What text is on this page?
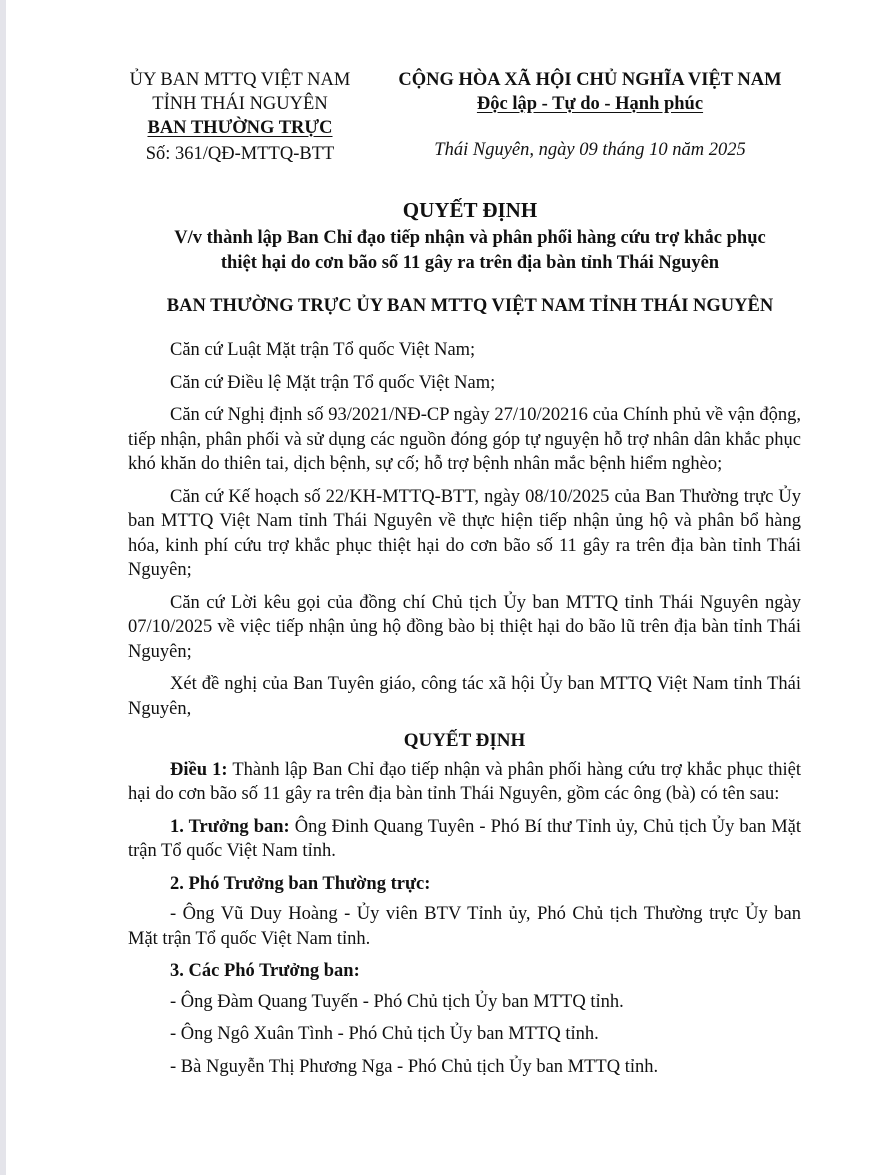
ỦY BAN MTTQ VIỆT NAM
TỈNH THÁI NGUYÊN
BAN THƯỜNG TRỰC
Số: 361/QĐ-MTTQ-BTT
CỘNG HÒA XÃ HỘI CHỦ NGHĨA VIỆT NAM
Độc lập - Tự do - Hạnh phúc
Thái Nguyên, ngày 09 tháng 10 năm 2025
QUYẾT ĐỊNH
V/v thành lập Ban Chỉ đạo tiếp nhận và phân phối hàng cứu trợ khắc phục
thiệt hại do cơn bão số 11 gây ra trên địa bàn tỉnh Thái Nguyên
BAN THƯỜNG TRỰC ỦY BAN MTTQ VIỆT NAM TỈNH THÁI NGUYÊN

Căn cứ Luật Mặt trận Tổ quốc Việt Nam;

Căn cứ Điều lệ Mặt trận Tổ quốc Việt Nam;

Căn cứ Nghị định số 93/2021/NĐ-CP ngày 27/10/20216 của Chính phủ về vận động, tiếp nhận, phân phối và sử dụng các nguồn đóng góp tự nguyện hỗ trợ nhân dân khắc phục khó khăn do thiên tai, dịch bệnh, sự cố; hỗ trợ bệnh nhân mắc bệnh hiểm nghèo;

Căn cứ Kế hoạch số 22/KH-MTTQ-BTT, ngày 08/10/2025 của Ban Thường trực Ủy ban MTTQ Việt Nam tỉnh Thái Nguyên về thực hiện tiếp nhận ủng hộ và phân bổ hàng hóa, kinh phí cứu trợ khắc phục thiệt hại do cơn bão số 11 gây ra trên địa bàn tỉnh Thái Nguyên;

Căn cứ Lời kêu gọi của đồng chí Chủ tịch Ủy ban MTTQ tỉnh Thái Nguyên ngày 07/10/2025 về việc tiếp nhận ủng hộ đồng bào bị thiệt hại do bão lũ trên địa bàn tỉnh Thái Nguyên;

Xét đề nghị của Ban Tuyên giáo, công tác xã hội Ủy ban MTTQ Việt Nam tỉnh Thái Nguyên,

QUYẾT ĐỊNH

Điều 1: Thành lập Ban Chỉ đạo tiếp nhận và phân phối hàng cứu trợ khắc phục thiệt hại do cơn bão số 11 gây ra trên địa bàn tỉnh Thái Nguyên, gồm các ông (bà) có tên sau:

1. Trưởng ban: Ông Đinh Quang Tuyên - Phó Bí thư Tỉnh ủy, Chủ tịch Ủy ban Mặt trận Tổ quốc Việt Nam tỉnh.

2. Phó Trưởng ban Thường trực:

- Ông Vũ Duy Hoàng - Ủy viên BTV Tỉnh ủy, Phó Chủ tịch Thường trực Ủy ban Mặt trận Tổ quốc Việt Nam tỉnh.

3. Các Phó Trưởng ban:

- Ông Đàm Quang Tuyến - Phó Chủ tịch Ủy ban MTTQ tỉnh.

- Ông Ngô Xuân Tình - Phó Chủ tịch Ủy ban MTTQ tỉnh.

- Bà Nguyễn Thị Phương Nga - Phó Chủ tịch Ủy ban MTTQ tỉnh.
